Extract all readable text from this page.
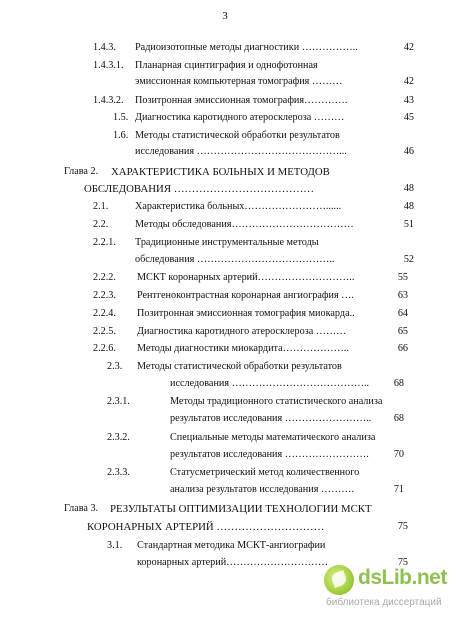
3
1.4.3. Радиоизотопные методы диагностики ……………..	42
1.4.3.1. Планарная сцинтиграфия и однофотонная
эмиссионная компьютерная томография ………	42
1.4.3.2. Позитронная эмиссионная томография………….	43
1.5. Диагностика каротидного атеросклероза ………	45
1.6. Методы статистической обработки результатов
исследования ……………………………………...	46
Глава 2. ХАРАКТЕРИСТИКА БОЛЬНЫХ И МЕТОДОВ
ОБСЛЕДОВАНИЯ …………………………………	48
2.1.	Характеристика больных……………………......	48
2.2.	Методы обследования………………………………	51
2.2.1. Традиционные инструментальные методы
обследования …………………………………..	52
2.2.2. МСКТ коронарных артерий………………………..	55
2.2.3. Рентгеноконтрастная коронарная ангиография ….	63
2.2.4. Позитронная эмиссионная томография миокарда..	64
2.2.5. Диагностика каротидного атеросклероза ………	65
2.2.6. Методы диагностики миокардита………………..	66
2.3. Методы статистической обработки результатов
исследования ………………………………….. 68
2.3.1.	Методы традиционного статистического анализа
результатов исследования …………………….. 68
2.3.2.	Специальные методы математического анализа
результатов исследования ……………………. 70
2.3.3.	Статусметрический метод количественного
анализа результатов исследования ……….	71
Глава 3. РЕЗУЛЬТАТЫ ОПТИМИЗАЦИИ ТЕХНОЛОГИИ МСКТ
КОРОНАРНЫХ АРТЕРИЙ …………………………	75
3.1. Стандартная методика МСКТ-ангиографии
коронарных артерий…………………………	75
dsLib.net
библиотека диссертаций
